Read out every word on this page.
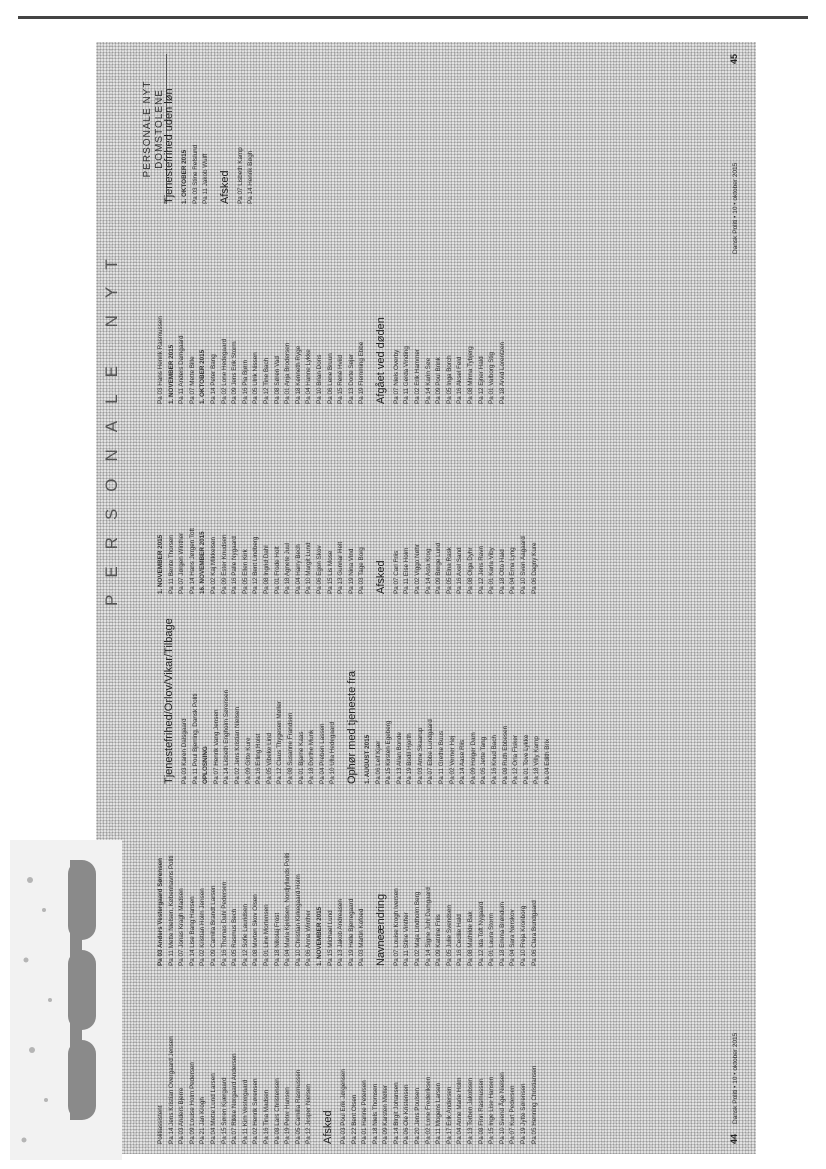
PERSONALE NYT
PERSONALE NYT DOMSTOLENE
Politiassistent Pa 14 Jens Kristian Overgaard Jensen Pa 03 Anders Bjerre Pa 09 Louise Holm Pedersen Pa 21 Jan Krogh Pa 04 Mette Lund Larsen Pa 15 Søren Kjærgaard Pa 07 Rikke Nørgaard Andersen Pa 11 Kim Vestergaard Pa 02 Henrik Sørensen Pa 16 Tina Madsen Pa 08 Lars Christensen Pa 19 Peter Hansen Pa 05 Camilla Rasmussen Pa 12 Jesper Nielsen Afsked Pa 03 Poul Erik Jørgensen Pa 22 Bent Olsen Pa 01 Hanne Petersen Pa 18 Niels Thomsen Pa 09 Karsten Møller Pa 14 Birgit Johansen Pa 06 Ole Kristensen Pa 20 Jens Poulsen Pa 02 Lone Frederiksen Pa 11 Mogens Larsen Pa 17 Erik Andersen Pa 04 Anne Marie Holm Pa 13 Torben Jakobsen Pa 08 Finn Rasmussen Pa 15 Inge Lise Hansen Pa 10 Svend Åge Nielsen Pa 07 Kurt Pedersen Pa 19 Jytte Sørensen Pa 05 Henning Christiansen
Pa 03 Anders Vestergaard Sørensen Pa 11 Mette Nielsen, Københavns Politi Pa 07 Jonas Kragh Madsen Pa 14 Lise Bang Hansen Pa 02 Kristian Holm Jensen Pa 09 Camilla Brandt Larsen Pa 16 Thomas Dahl Pedersen Pa 05 Rasmus Bech Pa 12 Sofie Lauridsen Pa 08 Morten Skov Olsen Pa 01 Line Mortensen Pa 18 Nikolaj Frost Pa 04 Maria Kjeldsen, Nordjyllands Politi Pa 10 Christian Kirkegaard Holm Pa 06 Anna Winther 1. NOVEMBER 2015 Pa 15 Michael Lund Pa 13 Jakob Andreasen Pa 19 Helle Bjerregaard Pa 03 Martin Kofoed Navneændring Pa 07 Louise Krogh Iversen Pa 11 Stine Vinther Pa 02 Maja Lindholm Berg Pa 14 Signe Juhl Damgaard Pa 09 Katrine Friis Pa 05 Julie Svendsen Pa 16 Cecilie Hald Pa 08 Mathilde Bak Pa 12 Ida Toft Nygaard Pa 01 Laura Storm Pa 18 Emma Brøndum Pa 04 Sara Nørskov Pa 10 Freja Kronborg Pa 06 Clara Bundgaard
Tjenestefrihed/Orlov/Vikar/Tilbage Pa 03 Karen Dalsgaard Pa 11 Poul Bjerring, Dansk Politi OPLOSNING Pa 07 Henrik Vang Jensen Pa 14 Lisbeth Engholm Sørensen Pa 02 Jens Kristian Nielsen Pa 09 Gitte Kure Pa 16 Erling Holst Pa 05 Vibeke Lind Pa 12 Claus Thygesen Møller Pa 08 Susanne Frandsen Pa 01 Bjarne Kaas Pa 18 Dorthe Munk Pa 04 Preben Lassen Pa 10 Ulla Hedegaard Ophør med tjeneste fra 1. AUGUST 2015 Pa 06 Leif Kjær Pa 15 Kirsten Egeberg Pa 13 Allan Bonde Pa 19 Bodil Hjorth Pa 03 Arne Skaarup Pa 07 Ebbe Lundgaard Pa 11 Grethe Buus Pa 02 Verner Høj Pa 14 Aase Riis Pa 09 Holger Dam Pa 05 Jette Tang Pa 16 Knud Bach Pa 08 Ruth Ebbesen Pa 12 Orla Fisker Pa 01 Tove Lykke Pa 18 Villy Kamp Pa 04 Edith Brix
1. NOVEMBER 2015 Pa 11 Bente Thorsen Pa 07 Jørgen Winther Pa 14 Hans Jørgen Toft 16. NOVEMBER 2015 Pa 02 Kaj Mikkelsen Pa 09 Ester Knudsen Pa 16 Palle Nygaard Pa 05 Ellen Kirk Pa 12 Bent Lindberg Pa 08 Ingrid Dahl Pa 01 Frode Holt Pa 18 Agnete Juul Pa 04 Harry Bech Pa 10 Margit Lund Pa 06 Egon Skov Pa 15 Lis Mose Pa 13 Gunnar Helt Pa 19 Nina Vind Pa 03 Tage Borg Afsked Pa 07 Carl Friis Pa 11 Else Holm Pa 02 Viggo Nøhr Pa 14 Asta Krog Pa 09 Børge Lund Pa 05 Elna Rask Pa 16 Axel Sand Pa 08 Olga Dyhr Pa 12 Jens Ravn Pa 01 Karla Viby Pa 18 Otto Hald Pa 04 Erna Lyng Pa 10 Sven Aagaard Pa 06 Dagny Kure
Pa 03 Hans Henrik Rasmussen 1. NOVEMBER 2015 Pa 11 Anders Damgaard Pa 07 Mette Bille 1. OKTOBER 2015 Pa 14 Peter Bang Pa 02 Lone Hedegaard Pa 09 Jens Erik Storm Pa 16 Pia Bjørn Pa 05 Ulrik Nissen Pa 12 Tine Bach Pa 08 Søren Vad Pa 01 Anja Brodersen Pa 18 Kenneth Ryge Pa 04 Hanne Lykke Pa 10 Brian Dons Pa 06 Lene Bruun Pa 15 René Hviid Pa 13 Dorte Sejer Pa 19 Flemming Ebbe Afgået ved døden Pa 07 Niels Overby Pa 11 Gerda Vinding Pa 02 Erik Hammer Pa 14 Karin Søe Pa 09 Poul Brink Pa 05 Inga Borch Pa 16 Aksel Feld Pa 08 Minna Tybjerg Pa 12 Ejner Hald Pa 01 Valborg Stig Pa 18 Arvid Lorentzen
Tjenestefrihed uden løn 1. OKTOBER 2015 Pa 03 Stine Refslund Pa 11 Jakob Wulff Afsked Pa 07 Lisbeth Kamp Pa 14 Henrik Bøgh
44
Dansk Politi • 10 • oktober 2015
Dansk Politi • 10 • oktober 2015
45
